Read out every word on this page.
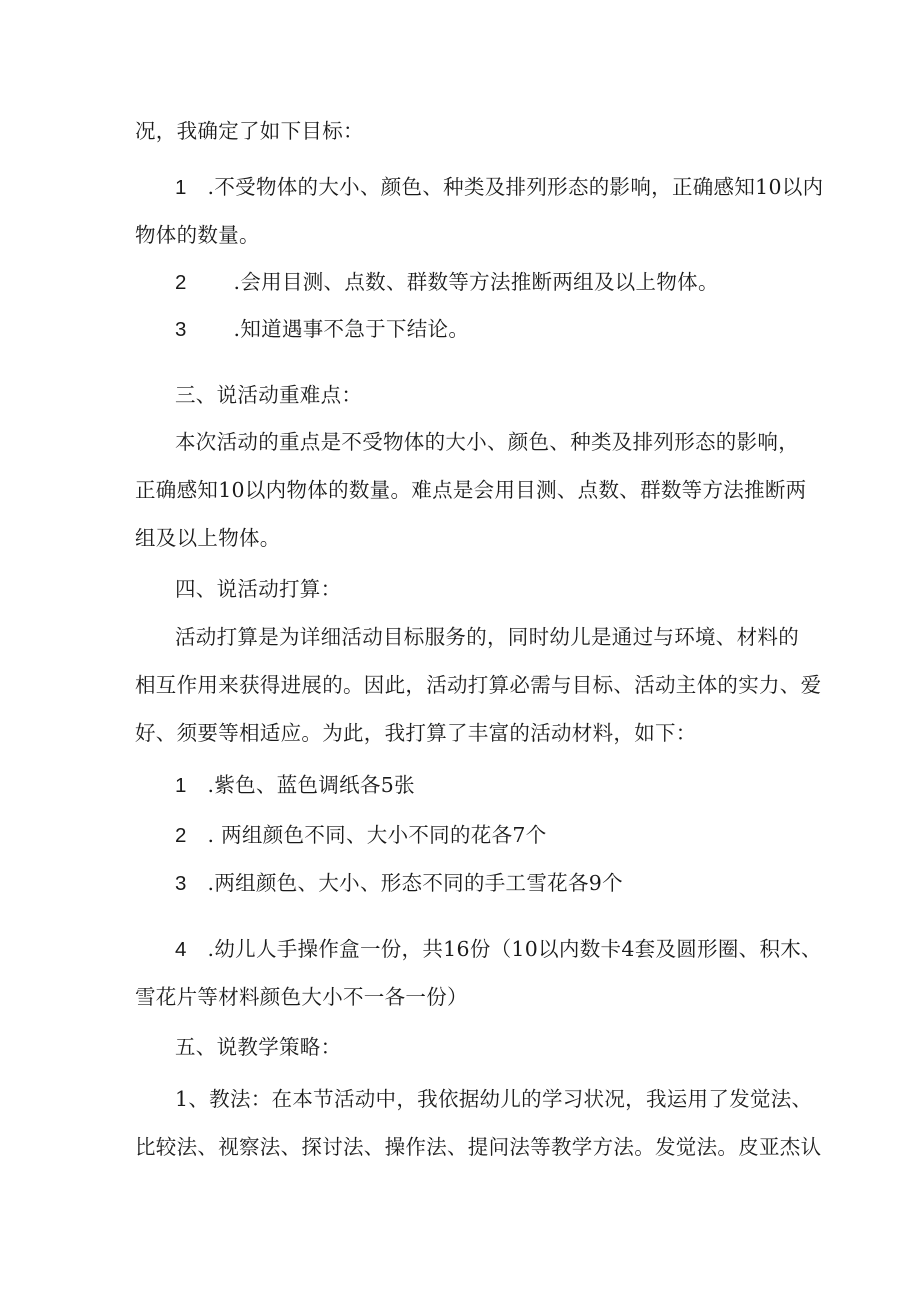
况，我确定了如下目标：
1 .不受物体的大小、颜色、种类及排列形态的影响，正确感知10以内
物体的数量。
2 .会用目测、点数、群数等方法推断两组及以上物体。
3 .知道遇事不急于下结论。
三、说活动重难点：
本次活动的重点是不受物体的大小、颜色、种类及排列形态的影响，
正确感知10以内物体的数量。难点是会用目测、点数、群数等方法推断两
组及以上物体。
四、说活动打算：
活动打算是为详细活动目标服务的，同时幼儿是通过与环境、材料的
相互作用来获得进展的。因此，活动打算必需与目标、活动主体的实力、爱
好、须要等相适应。为此，我打算了丰富的活动材料，如下：
1 .紫色、蓝色调纸各5张
2 . 两组颜色不同、大小不同的花各7个
3 .两组颜色、大小、形态不同的手工雪花各9个
4 .幼儿人手操作盒一份，共16份（10以内数卡4套及圆形圈、积木、
雪花片等材料颜色大小不一各一份）
五、说教学策略：
1、教法：在本节活动中，我依据幼儿的学习状况，我运用了发觉法、
比较法、视察法、探讨法、操作法、提问法等教学方法。发觉法。皮亚杰认
